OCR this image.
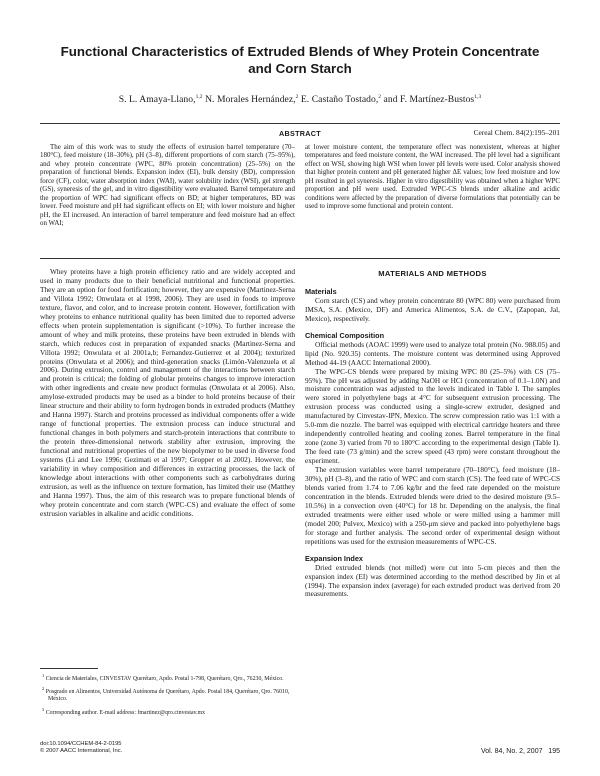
Functional Characteristics of Extruded Blends of Whey Protein Concentrate
and Corn Starch
S. L. Amaya-Llano,$^{1,2}$ N. Morales Hernández,$^2$ E. Castaño Tostado,$^2$ and F. Martínez-Bustos$^{1,3}$
ABSTRACT	Cereal Chem. 84(2):195–201

The aim of this work was to study the effects of extrusion barrel temperature (70–180°C), feed moisture (18–30%), pH (3–8), different proportions of corn starch (75–95%), and whey protein concentrate (WPC, 80% protein concentration) (25–5%) on the preparation of functional blends. Expansion index (EI), bulk density (BD), compression force (CF), color, water absorption index (WAI), water solubility index (WSI), gel strength (GS), syneresis of the gel, and in vitro digestibility were evaluated. Barrel temperature and the proportion of WPC had significant effects on BD; at higher temperatures, BD was lower. Feed moisture and pH had significant effects on EI; with lower moisture and higher pH, the EI increased. An interaction of barrel temperature and feed moisture had an effect on WAI;

at lower moisture content, the temperature effect was nonexistent, whereas at higher temperatures and feed moisture content, the WAI increased. The pH level had a significant effect on WSI, showing high WSI when lower pH levels were used. Color analysis showed that higher protein content and pH generated higher ΔE values; low feed moisture and low pH resulted in gel syneresis. Higher in vitro digestibility was obtained when a higher WPC proportion and pH were used. Extruded WPC-CS blends under alkaline and acidic conditions were affected by the preparation of diverse formulations that potentially can be used to improve some functional and protein content.

Whey proteins have a high protein efficiency ratio and are widely accepted and used in many products due to their beneficial nutritional and functional properties. They are an option for food fortification; however, they are expensive (Martinez-Serna and Villota 1992; Onwulata et al 1998, 2006). They are used in foods to improve texture, flavor, and color, and to increase protein content. However, fortification with whey proteins to enhance nutritional quality has been limited due to reported adverse effects when protein supplementation is significant (>10%). To further increase the amount of whey and milk proteins, these proteins have been extruded in blends with starch, which reduces cost in preparation of expanded snacks (Martinez-Serna and Villota 1992; Onwulata et al 2001a,b; Fernandez-Gutierrez et al 2004); texturized proteins (Onwulata et al 2006); and third-generation snacks (Limón-Valenzuela et al 2006). During extrusion, control and management of the interactions between starch and protein is critical; the folding of globular proteins changes to improve interaction with other ingredients and create new product formulas (Onwulata et al 2006). Also, amylose-extruded products may be used as a binder to hold proteins because of their linear structure and their ability to form hydrogen bonds in extruded products (Matthey and Hanna 1997). Starch and proteins processed as individual components offer a wide range of functional properties. The extrusion process can induce structural and functional changes in both polymers and starch-protein interactions that contribute to the protein three-dimensional network stability after extrusion, improving the functional and nutritional properties of the new biopolymer to be used in diverse food systems (Li and Lee 1996; Gezimati et al 1997; Gropper et al 2002). However, the variability in whey composition and differences in extracting processes, the lack of knowledge about interactions with other components such as carbohydrates during extrusion, as well as the influence on texture formation, has limited their use (Matthey and Hanna 1997). Thus, the aim of this research was to prepare functional blends of whey protein concentrate and corn starch (WPC-CS) and evaluate the effect of some extrusion variables in alkaline and acidic conditions.

MATERIALS AND METHODS
Materials

Corn starch (CS) and whey protein concentrate 80 (WPC 80) were purchased from IMSA, S.A. (Mexico, DF) and America Alimentos, S.A. de C.V., (Zapopan, Jal, Mexico), respectively.

Chemical Composition

Official methods (AOAC 1999) were used to analyze total protein (No. 988.05) and lipid (No. 920.35) contents. The moisture content was determined using Approved Method 44-19 (AACC International 2000).

The WPC-CS blends were prepared by mixing WPC 80 (25–5%) with CS (75–95%). The pH was adjusted by adding NaOH or HCl (concentration of 0.1–1.0N) and moisture concentration was adjusted to the levels indicated in Table I. The samples were stored in polyethylene bags at 4°C for subsequent extrusion processing. The extrusion process was conducted using a single-screw extruder, designed and manufactured by Cinvestav-IPN, Mexico. The screw compression ratio was 1:1 with a 5.0-mm die nozzle. The barrel was equipped with electrical cartridge heaters and three independently controlled heating and cooling zones. Barrel temperature in the final zone (zone 3) varied from 70 to 180°C according to the experimental design (Table I). The feed rate (73 g/min) and the screw speed (43 rpm) were constant throughout the experiment.

The extrusion variables were barrel temperature (70–180°C), feed moisture (18–30%), pH (3–8), and the ratio of WPC and corn starch (CS). The feed rate of WPC-CS blends varied from 1.74 to 7.06 kg/hr and the feed rate depended on the moisture concentration in the blends. Extruded blends were dried to the desired moisture (9.5–10.5%) in a convection oven (40°C) for 18 hr. Depending on the analysis, the final extruded treatments were either used whole or were milled using a hammer mill (model 200; Pulvex, Mexico) with a 250-μm sieve and packed into polyethylene bags for storage and further analysis. The second order of experimental design without repetitions was used for the extrusion measurements of WPC-CS.

Expansion Index

Dried extruded blends (not milled) were cut into 5-cm pieces and then the expansion index (EI) was determined according to the method described by Jin et al (1994). The expansion index (average) for each extruded product was derived from 20 measurements.

$^1$ Ciencia de Materiales, CINVESTAV Querétaro, Apdo. Postal 1-798, Querétaro, Qro., 76230, México.
$^2$ Posgrado en Alimentos, Universidad Autónoma de Querétaro, Apdo. Postal 184, Querétaro, Qro. 76010, México.
$^3$ Corresponding author. E-mail address: fmartinez@qro.cinvestav.mx
doi:10.1094/CCHEM-84-2-0195
© 2007 AACC International, Inc.	Vol. 84, No. 2, 2007   195
